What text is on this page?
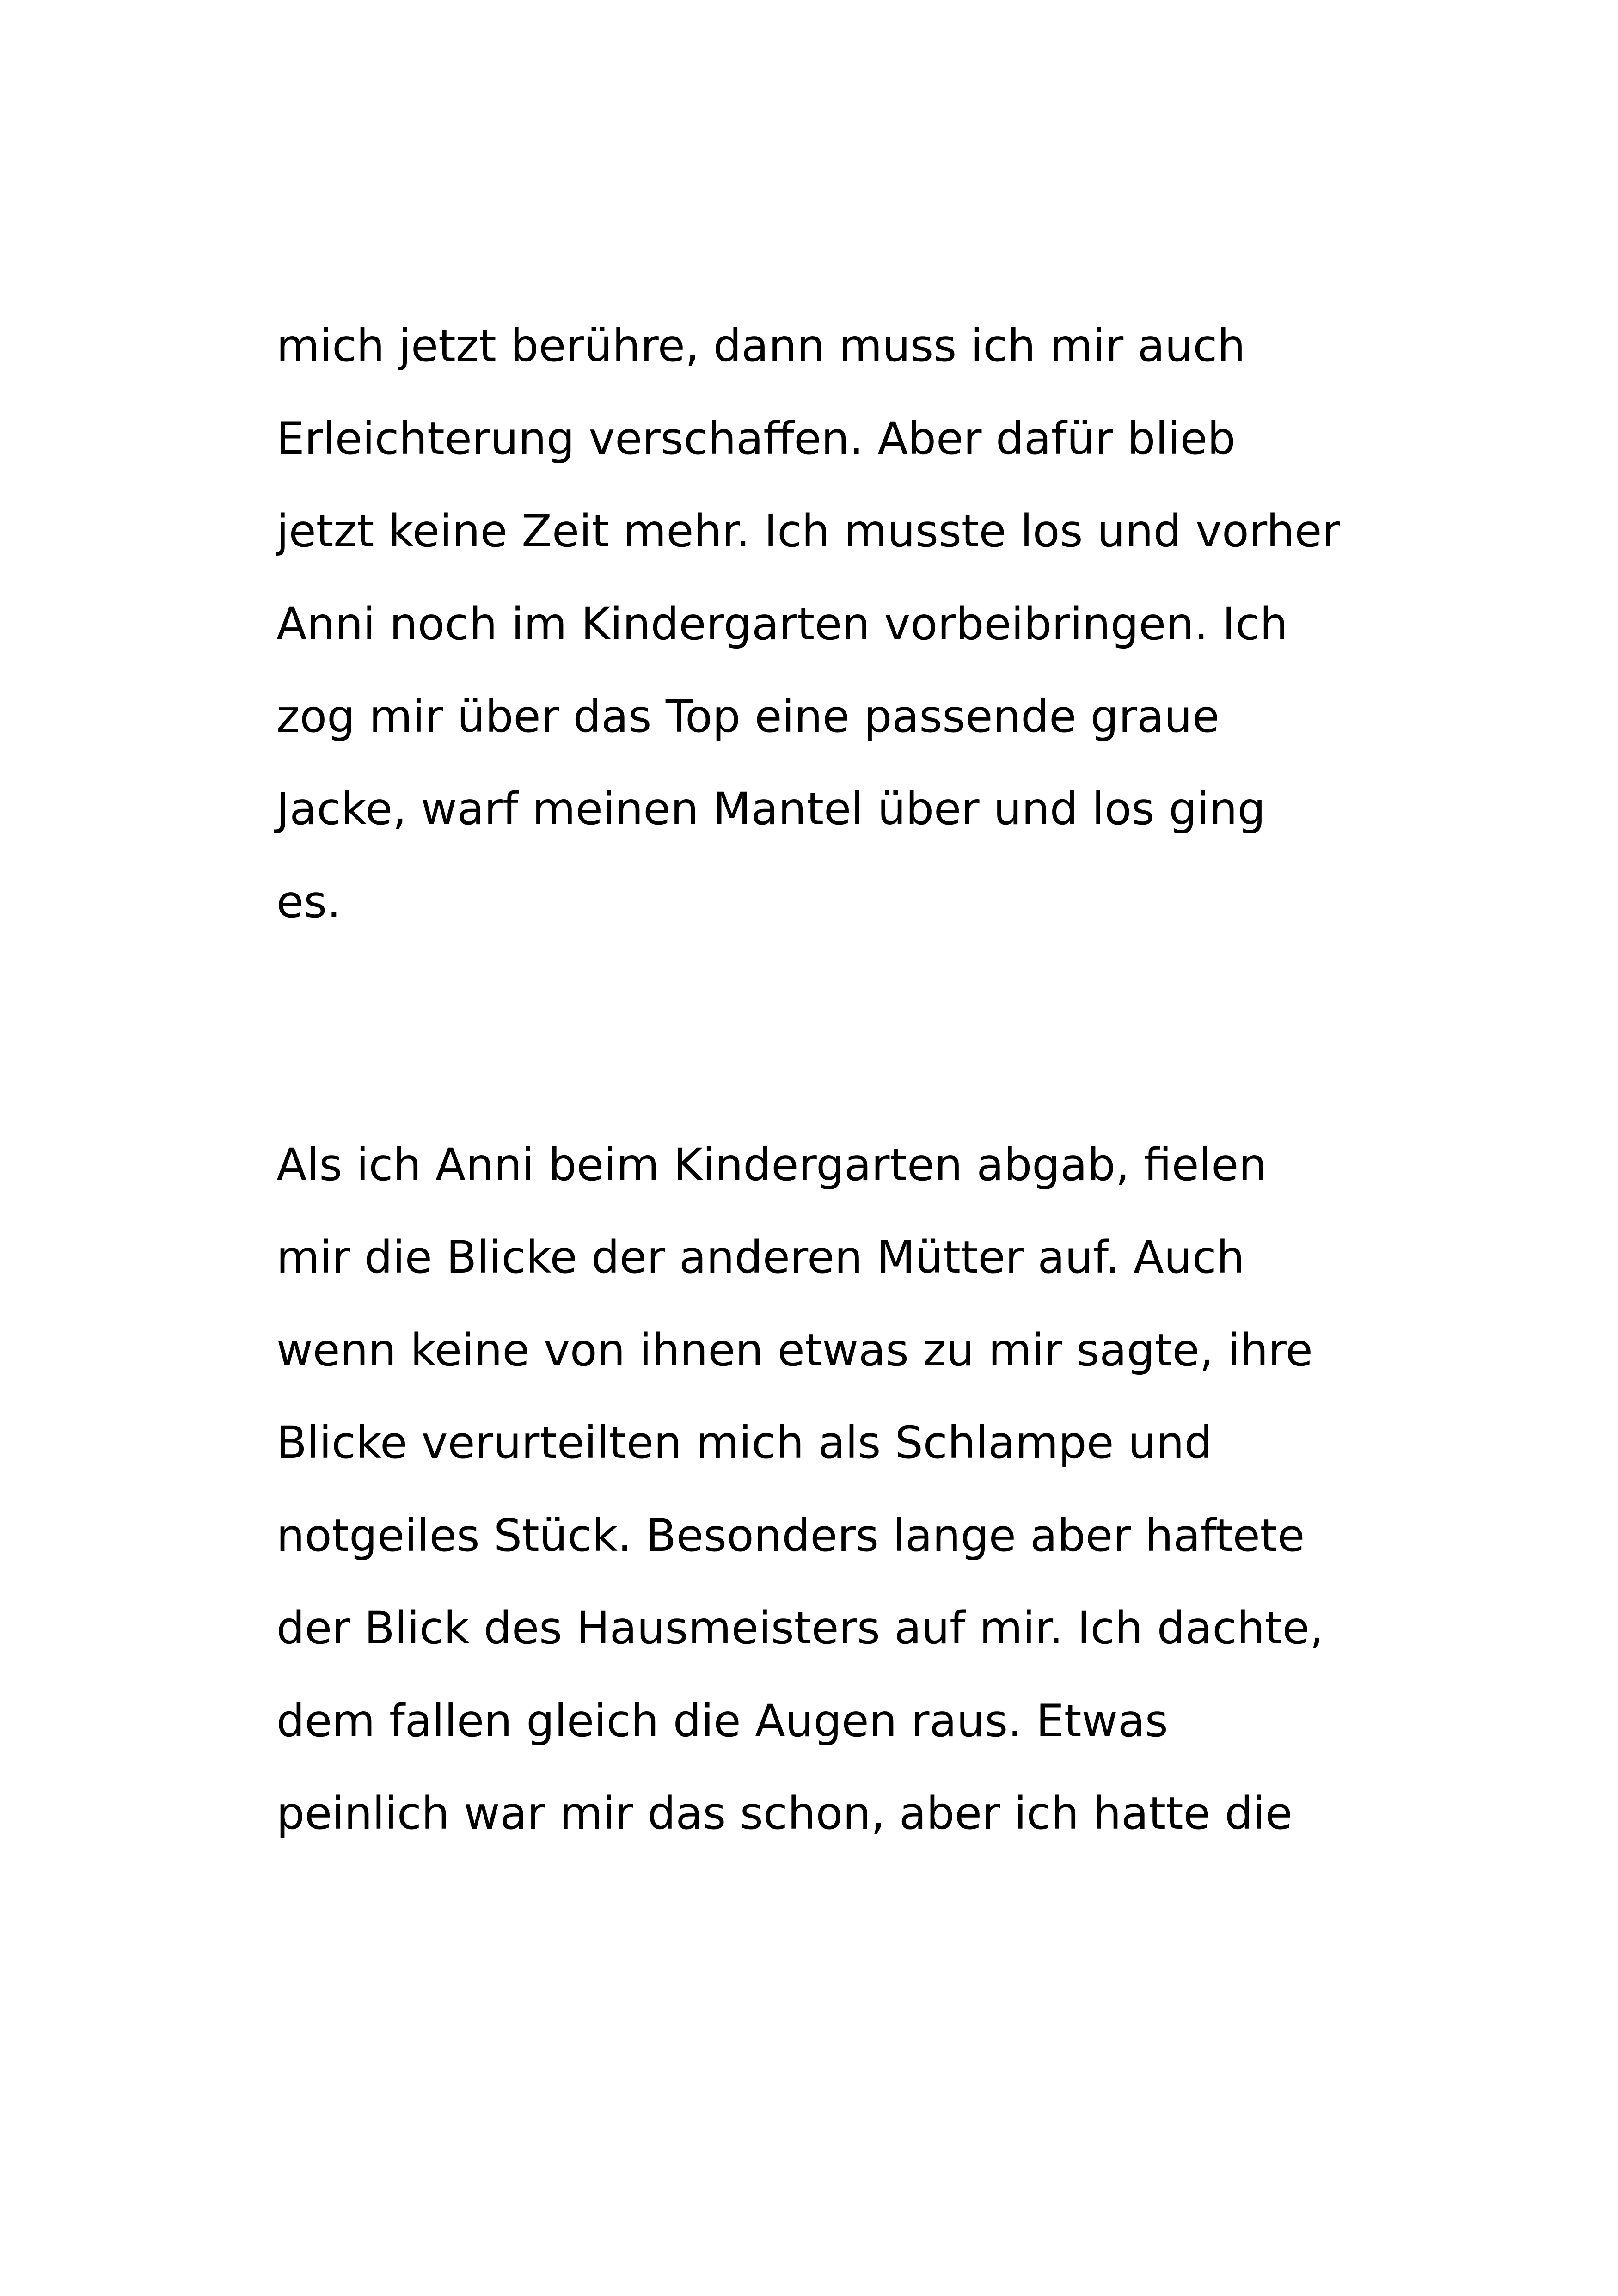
mich jetzt berühre, dann muss ich mir auch

Erleichterung verschaffen. Aber dafür blieb

jetzt keine Zeit mehr. Ich musste los und vorher

Anni noch im Kindergarten vorbeibringen. Ich

zog mir über das Top eine passende graue

Jacke, warf meinen Mantel über und los ging

es.

Als ich Anni beim Kindergarten abgab, fielen

mir die Blicke der anderen Mütter auf. Auch

wenn keine von ihnen etwas zu mir sagte, ihre

Blicke verurteilten mich als Schlampe und

notgeiles Stück. Besonders lange aber haftete

der Blick des Hausmeisters auf mir. Ich dachte,

dem fallen gleich die Augen raus. Etwas

peinlich war mir das schon, aber ich hatte die
